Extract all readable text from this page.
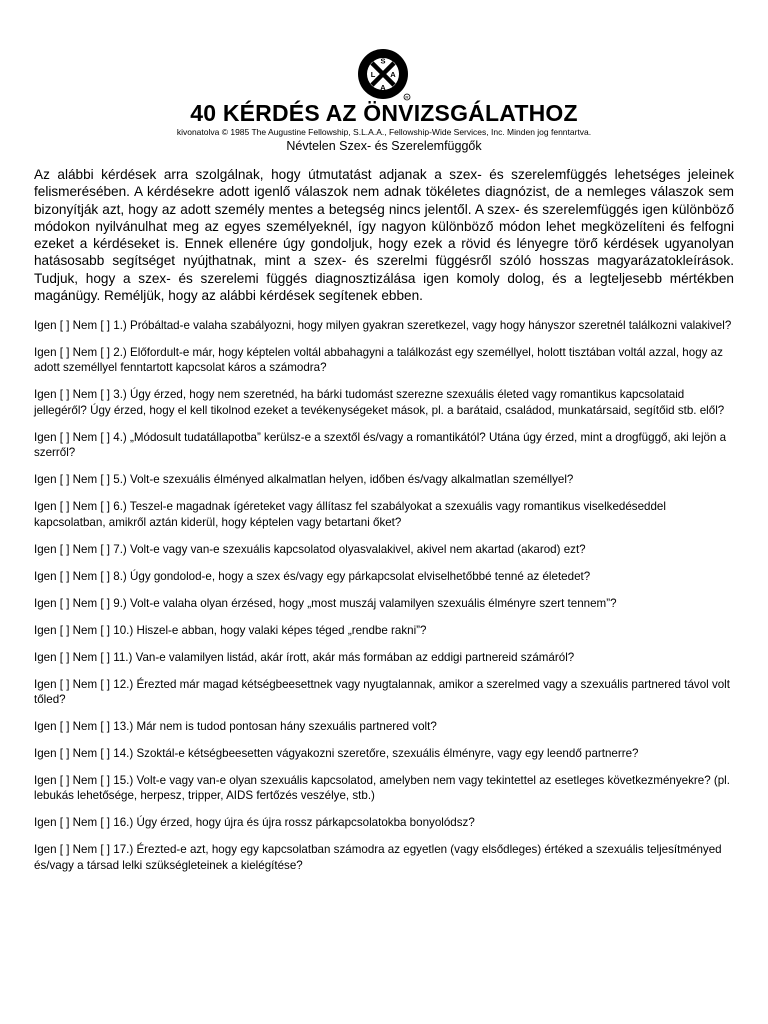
S
L A
A
R
40 KÉRDÉS AZ ÖNVIZSGÁLATHOZ
kivonatolva © 1985 The Augustine Fellowship, S.L.A.A., Fellowship-Wide Services, Inc. Minden jog fenntartva.
Névtelen Szex- és Szerelemfüggők
Az alábbi kérdések arra szolgálnak, hogy útmutatást adjanak a szex- és szerelemfüggés lehetséges jeleinek felismerésében. A kérdésekre adott igenlő válaszok nem adnak tökéletes diagnózist, de a nemleges válaszok sem bizonyítják azt, hogy az adott személy mentes a betegség nincs jelentől. A szex- és szerelemfüggés igen különböző módokon nyilvánulhat meg az egyes személyeknél, így nagyon különböző módon lehet megközelíteni és felfogni ezeket a kérdéseket is. Ennek ellenére úgy gondoljuk, hogy ezek a rövid és lényegre törő kérdések ugyanolyan hatásosabb segítséget nyújthatnak, mint a szex- és szerelmi függésről szóló hosszas magyarázatokleírások. Tudjuk, hogy a szex- és szerelemi függés diagnosztizálása igen komoly dolog, és a legteljesebb mértékben magánügy. Reméljük, hogy az alábbi kérdések segítenek ebben.

Igen [ ] Nem [ ] 1.) Próbáltad-e valaha szabályozni, hogy milyen gyakran szeretkezel, vagy hogy hányszor szeretnél találkozni valakivel?

Igen [ ] Nem [ ] 2.) Előfordult-e már, hogy képtelen voltál abbahagyni a találkozást egy személlyel, holott tisztában voltál azzal, hogy az adott személlyel fenntartott kapcsolat káros a számodra?

Igen [ ] Nem [ ] 3.) Úgy érzed, hogy nem szeretnéd, ha bárki tudomást szerezne szexuális életed vagy romantikus kapcsolataid jellegéről? Úgy érzed, hogy el kell tikolnod ezeket a tevékenységeket mások, pl. a barátaid, családod, munkatársaid, segítőid stb. elől?

Igen [ ] Nem [ ] 4.) „Módosult tudatállapotba” kerülsz-e a szextől és/vagy a romantikától? Utána úgy érzed, mint a drogfüggő, aki lejön a szerről?

Igen [ ] Nem [ ] 5.) Volt-e szexuális élményed alkalmatlan helyen, időben és/vagy alkalmatlan személlyel?

Igen [ ] Nem [ ] 6.) Teszel-e magadnak ígéreteket vagy állítasz fel szabályokat a szexuális vagy romantikus viselkedéseddel kapcsolatban, amikről aztán kiderül, hogy képtelen vagy betartani őket?

Igen [ ] Nem [ ] 7.) Volt-e vagy van-e szexuális kapcsolatod olyasvalakivel, akivel nem akartad (akarod) ezt?

Igen [ ] Nem [ ] 8.) Úgy gondolod-e, hogy a szex és/vagy egy párkapcsolat elviselhetőbbé tenné az életedet?

Igen [ ] Nem [ ] 9.) Volt-e valaha olyan érzésed, hogy „most muszáj valamilyen szexuális élményre szert tennem”?

Igen [ ] Nem [ ] 10.) Hiszel-e abban, hogy valaki képes téged „rendbe rakni”?

Igen [ ] Nem [ ] 11.) Van-e valamilyen listád, akár írott, akár más formában az eddigi partnereid számáról?

Igen [ ] Nem [ ] 12.) Érezted már magad kétségbeesettnek vagy nyugtalannak, amikor a szerelmed vagy a szexuális partnered távol volt tőled?

Igen [ ] Nem [ ] 13.) Már nem is tudod pontosan hány szexuális partnered volt?

Igen [ ] Nem [ ] 14.) Szoktál-e kétségbeesetten vágyakozni szeretőre, szexuális élményre, vagy egy leendő partnerre?

Igen [ ] Nem [ ] 15.) Volt-e vagy van-e olyan szexuális kapcsolatod, amelyben nem vagy tekintettel az esetleges következményekre? (pl. lebukás lehetősége, herpesz, tripper, AIDS fertőzés veszélye, stb.)

Igen [ ] Nem [ ] 16.) Úgy érzed, hogy újra és újra rossz párkapcsolatokba bonyolódsz?

Igen [ ] Nem [ ] 17.) Érezted-e azt, hogy egy kapcsolatban számodra az egyetlen (vagy elsődleges) értéked a szexuális teljesítményed és/vagy a társad lelki szükségleteinek a kielégítése?
